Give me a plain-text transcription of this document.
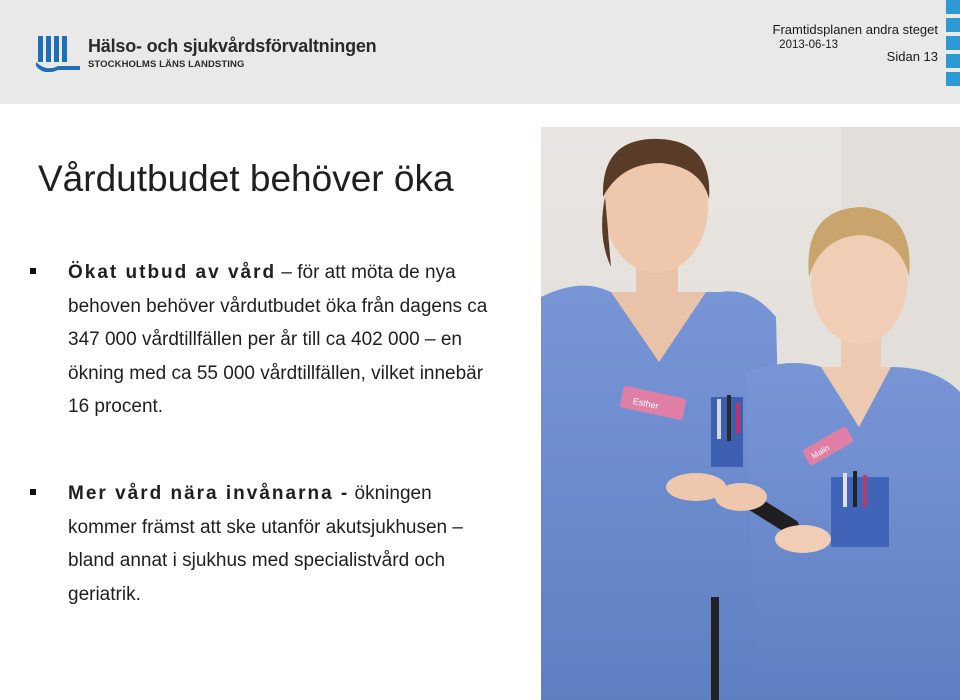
Hälso- och sjukvårdsförvaltningen
STOCKHOLMS LÄNS LANDSTING
Framtidsplanen andra steget
2013-06-13
Sidan 13
Vårdutbudet behöver öka
Ökat utbud av vård – för att möta de nya behoven behöver vårdutbudet öka från dagens ca 347 000 vårdtillfällen per år till ca 402 000 – en ökning med ca 55 000 vårdtillfällen, vilket innebär 16 procent.
Mer vård nära invånarna - ökningen kommer främst att ske utanför akutsjukhusen – bland annat i sjukhus med specialistvård och geriatrik.
Esther
Malin
